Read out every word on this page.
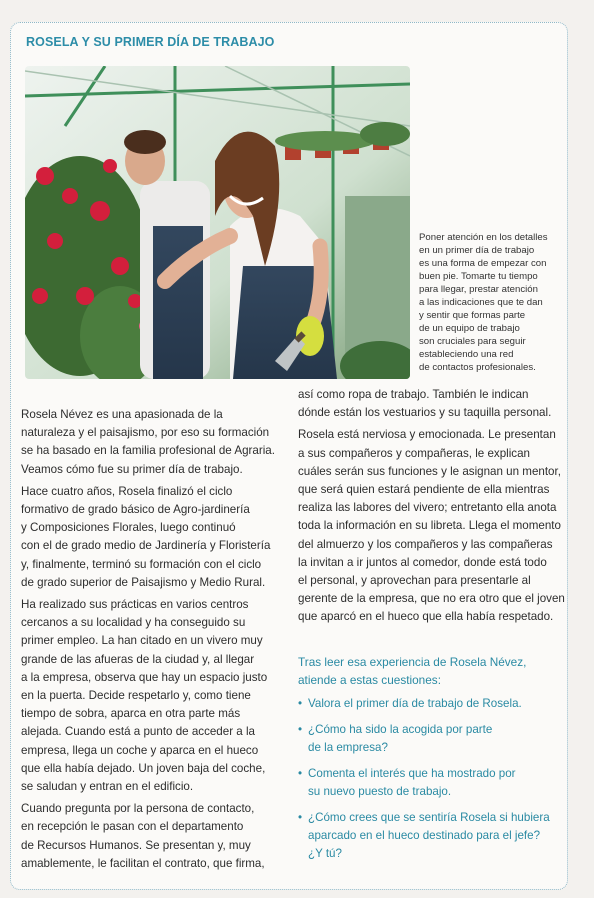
ROSELA Y SU PRIMER DÍA DE TRABAJO
Poner atención en los detalles
en un primer día de trabajo
es una forma de empezar con
buen pie. Tomarte tu tiempo
para llegar, prestar atención
a las indicaciones que te dan
y sentir que formas parte
de un equipo de trabajo
son cruciales para seguir
estableciendo una red
de contactos profesionales.
Rosela Névez es una apasionada de la
naturaleza y el paisajismo, por eso su formación
se ha basado en la familia profesional de Agraria.
Veamos cómo fue su primer día de trabajo.
Hace cuatro años, Rosela finalizó el ciclo
formativo de grado básico de Agro-jardinería
y Composiciones Florales, luego continuó
con el de grado medio de Jardinería y Floristería
y, finalmente, terminó su formación con el ciclo
de grado superior de Paisajismo y Medio Rural.
Ha realizado sus prácticas en varios centros
cercanos a su localidad y ha conseguido su
primer empleo. La han citado en un vivero muy
grande de las afueras de la ciudad y, al llegar
a la empresa, observa que hay un espacio justo
en la puerta. Decide respetarlo y, como tiene
tiempo de sobra, aparca en otra parte más
alejada. Cuando está a punto de acceder a la
empresa, llega un coche y aparca en el hueco
que ella había dejado. Un joven baja del coche,
se saludan y entran en el edificio.
Cuando pregunta por la persona de contacto,
en recepción le pasan con el departamento
de Recursos Humanos. Se presentan y, muy
amablemente, le facilitan el contrato, que firma,
así como ropa de trabajo. También le indican
dónde están los vestuarios y su taquilla personal.
Rosela está nerviosa y emocionada. Le presentan
a sus compañeros y compañeras, le explican
cuáles serán sus funciones y le asignan un mentor,
que será quien estará pendiente de ella mientras
realiza las labores del vivero; entretanto ella anota
toda la información en su libreta. Llega el momento
del almuerzo y los compañeros y las compañeras
la invitan a ir juntos al comedor, donde está todo
el personal, y aprovechan para presentarle al
gerente de la empresa, que no era otro que el joven
que aparcó en el hueco que ella había respetado.
Tras leer esa experiencia de Rosela Névez,
atiende a estas cuestiones:
• Valora el primer día de trabajo de Rosela.
• ¿Cómo ha sido la acogida por parte
de la empresa?
• Comenta el interés que ha mostrado por
su nuevo puesto de trabajo.
• ¿Cómo crees que se sentiría Rosela si hubiera
aparcado en el hueco destinado para el jefe?
¿Y tú?
